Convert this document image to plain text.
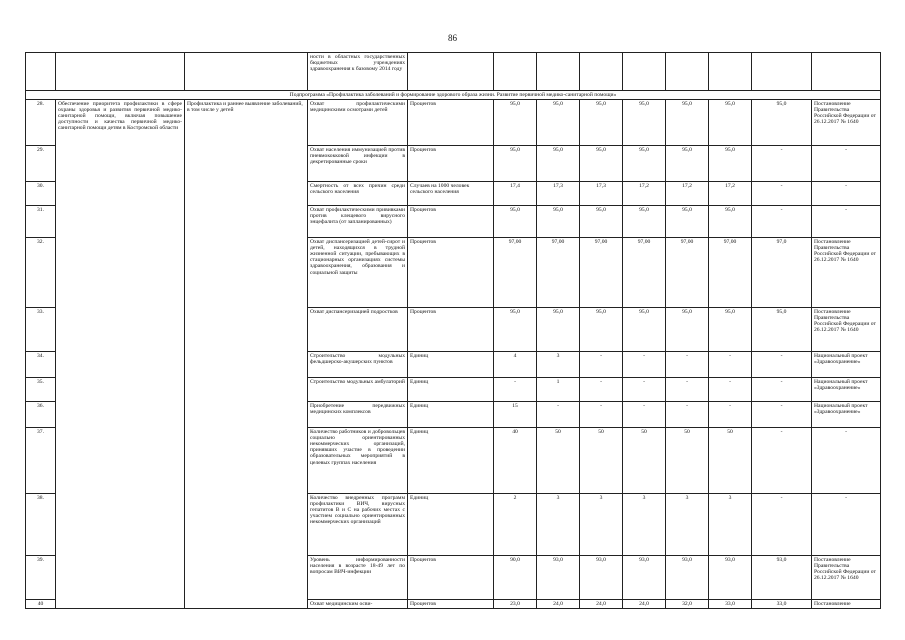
86
			ности в областных государственных бюджетных учреждениях здравоохранения к базовому 2014 году									
Подпрограмма «Профилактика заболеваний и формирование здорового образа жизни. Развитие первичной медико-санитарной помощи»												
28.	Обеспечение приоритета профилактики в сфере охраны здоровья и развития первичной медико-санитарной помощи, включая повышение доступности и качества первичной медико-санитарной помощи детям в Костромской области	Профилактика и раннее выявление заболеваний, в том числе у детей	Охват профилактическими медицинскими осмотрами детей	Процентов	95,0	95,0	95,0	95,0	95,0	95,0	95,0	Постановление Правительства Российской Федерации от 26.12.2017 № 1640
29.			Охват населения иммунизацией против пневмококковой инфекции в декретированные сроки	Процентов	95,0	95,0	95,0	95,0	95,0	95,0	-	-
30.			Смертность от всех причин среди сельского населения	Случаев на 1000 человек сельского населения	17,4	17,3	17,3	17,2	17,2	17,2	-	-
31.			Охват профилактическими прививками против клещевого вирусного энцефалита (от запланированных)	Процентов	95,0	95,0	95,0	95,0	95,0	95,0	-	-
32.			Охват диспансеризацией детей-сирот и детей, находящихся в трудной жизненной ситуации, пребывающих в стационарных организациях системы здравоохранения, образования и социальной защиты	Процентов	97,00	97,00	97,00	97,00	97,00	97,00	97,0	Постановление Правительства Российской Федерации от 26.12.2017 № 1640
33.			Охват диспансеризацией подростков	Процентов	95,0	95,0	95,0	95,0	95,0	95,0	95,0	Постановление Правительства Российской Федерации от 26.12.2017 № 1640
34.			Строительство модульных фельдшерско-акушерских пунктов	Единиц	4	3	-	-	-	-	-	Национальный проект «Здравоохранение»
35.			Строительство модульных амбулаторий	Единиц	-	1	-	-	-	-	-	Национальный проект «Здравоохранение»
36.			Приобретение передвижных медицинских комплексов	Единиц	15	-	-	-	-	-	-	Национальный проект «Здравоохранение»
37.			Количество работников и добровольцев социально ориентированных некоммерческих организаций, принявших участие в проведении образовательных мероприятий в целевых группах населения	Единиц	40	50	50	50	50	50	-	-
38.			Количество внедренных программ профилактики ВИЧ, вирусных гепатитов В и С на рабочих местах с участием социально ориентированных некоммерческих организаций	Единиц	2	3	3	3	3	3	-	-
39.			Уровень информированности населения в возрасте 18-49 лет по вопросам ВИЧ-инфекции	Процентов	90,0	93,0	93,0	93,0	93,0	93,0	93,0	Постановление Правительства Российской Федерации от 26.12.2017 № 1640
40			Охват медицинским осви-	Процентов	23,0	24,0	24,0	24,0	32,0	33,0	33,0	Постановление
